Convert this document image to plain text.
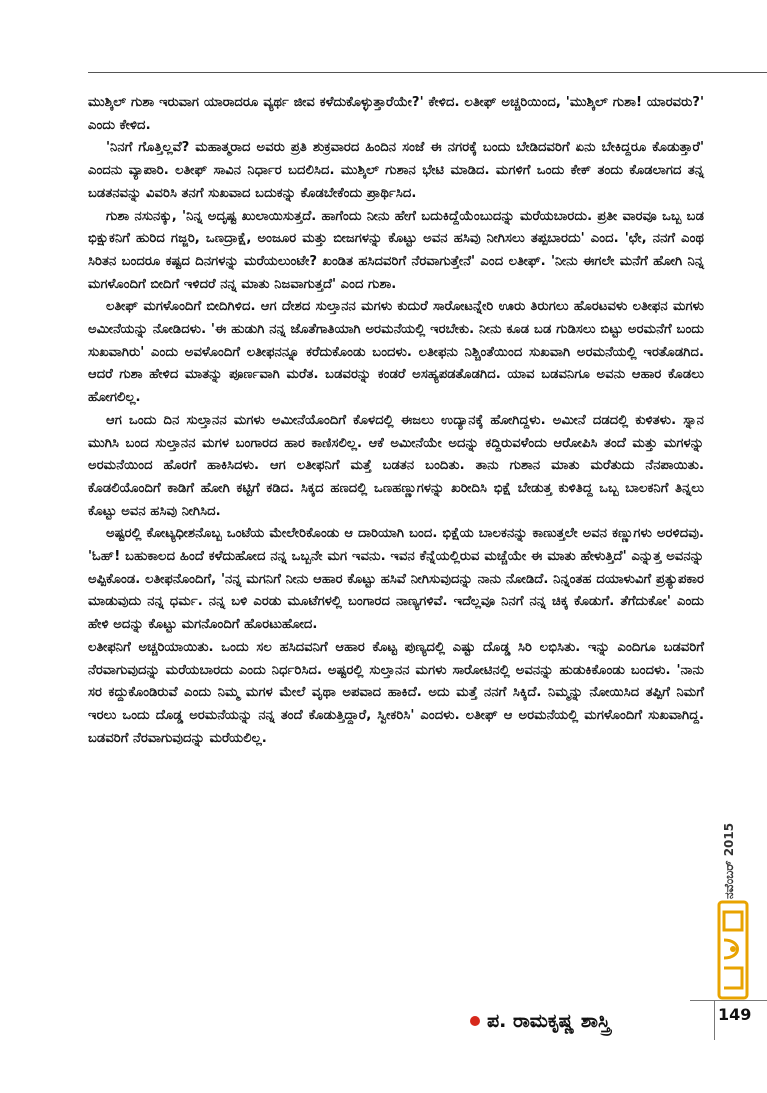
ಮುಶ್ಕಿಲ್ ಗುಶಾ ಇರುವಾಗ ಯಾರಾದರೂ ವ್ಯರ್ಥ ಜೀವ ಕಳೆದುಕೊಳ್ಳುತ್ತಾರೆಯೇ?' ಕೇಳಿದ. ಲತೀಫ್ ಅಚ್ಚರಿಯಿಂದ, 'ಮುಶ್ಕಿಲ್ ಗುಶಾ! ಯಾರವರು?' ಎಂದು ಕೇಳಿದ.

'ನಿನಗೆ ಗೊತ್ತಿಲ್ಲವೆ? ಮಹಾತ್ಮರಾದ ಅವರು ಪ್ರತಿ ಶುಕ್ರವಾರದ ಹಿಂದಿನ ಸಂಜೆ ಈ ನಗರಕ್ಕೆ ಬಂದು ಬೇಡಿದವರಿಗೆ ಏನು ಬೇಕಿದ್ದರೂ ಕೊಡುತ್ತಾರೆ' ಎಂದನು ವ್ಯಾಪಾರಿ. ಲತೀಫ್ ಸಾವಿನ ನಿರ್ಧಾರ ಬದಲಿಸಿದ. ಮುಶ್ಕಿಲ್ ಗುಶಾನ ಭೇಟಿ ಮಾಡಿದ. ಮಗಳಿಗೆ ಒಂದು ಕೇಕ್ ತಂದು ಕೊಡಲಾಗದ ತನ್ನ ಬಡತನವನ್ನು ವಿವರಿಸಿ ತನಗೆ ಸುಖವಾದ ಬದುಕನ್ನು ಕೊಡಬೇಕೆಂದು ಪ್ರಾರ್ಥಿಸಿದ.

ಗುಶಾ ನಸುನಕ್ಕು, 'ನಿನ್ನ ಅದೃಷ್ಟ ಖುಲಾಯಿಸುತ್ತದೆ. ಹಾಗೆಂದು ನೀನು ಹೇಗೆ ಬದುಕಿದ್ದೆಯೆಂಬುದನ್ನು ಮರೆಯಬಾರದು. ಪ್ರತೀ ವಾರವೂ ಒಬ್ಬ ಬಡ ಭಿಕ್ಷುಕನಿಗೆ ಹುರಿದ ಗಜ್ಜರಿ, ಒಣದ್ರಾಕ್ಷೆ, ಅಂಜೂರ ಮತ್ತು ಬೀಜಗಳನ್ನು ಕೊಟ್ಟು ಅವನ ಹಸಿವು ನೀಗಿಸಲು ತಪ್ಪಬಾರದು' ಎಂದ. 'ಛೇ, ನನಗೆ ಎಂಥ ಸಿರಿತನ ಬಂದರೂ ಕಷ್ಟದ ದಿನಗಳನ್ನು ಮರೆಯಲುಂಟೇ? ಖಂಡಿತ ಹಸಿದವರಿಗೆ ನೆರವಾಗುತ್ತೇನೆ' ಎಂದ ಲತೀಫ್. 'ನೀನು ಈಗಲೇ ಮನೆಗೆ ಹೋಗಿ ನಿನ್ನ ಮಗಳೊಂದಿಗೆ ಬೀದಿಗೆ ಇಳಿದರೆ ನನ್ನ ಮಾತು ನಿಜವಾಗುತ್ತದೆ' ಎಂದ ಗುಶಾ.

ಲತೀಫ್ ಮಗಳೊಂದಿಗೆ ಬೀದಿಗಿಳಿದ. ಆಗ ದೇಶದ ಸುಲ್ತಾನನ ಮಗಳು ಕುದುರೆ ಸಾರೋಟನ್ನೇರಿ ಊರು ತಿರುಗಲು ಹೊರಟವಳು ಲತೀಫನ ಮಗಳು ಅಮೀನೆಯನ್ನು ನೋಡಿದಳು. 'ಈ ಹುಡುಗಿ ನನ್ನ ಜೊತೆಗಾತಿಯಾಗಿ ಅರಮನೆಯಲ್ಲಿ ಇರಬೇಕು. ನೀನು ಕೂಡ ಬಡ ಗುಡಿಸಲು ಬಿಟ್ಟು ಅರಮನೆಗೆ ಬಂದು ಸುಖವಾಗಿರು' ಎಂದು ಅವಳೊಂದಿಗೆ ಲತೀಫನನ್ನೂ ಕರೆದುಕೊಂಡು ಬಂದಳು. ಲತೀಫನು ನಿಶ್ಚಿಂತೆಯಿಂದ ಸುಖವಾಗಿ ಅರಮನೆಯಲ್ಲಿ ಇರತೊಡಗಿದ. ಆದರೆ ಗುಶಾ ಹೇಳಿದ ಮಾತನ್ನು ಪೂರ್ಣವಾಗಿ ಮರೆತ. ಬಡವರನ್ನು ಕಂಡರೆ ಅಸಹ್ಯಪಡತೊಡಗಿದ. ಯಾವ ಬಡವನಿಗೂ ಅವನು ಆಹಾರ ಕೊಡಲು ಹೋಗಲಿಲ್ಲ.

ಆಗ ಒಂದು ದಿನ ಸುಲ್ತಾನನ ಮಗಳು ಅಮೀನೆಯೊಂದಿಗೆ ಕೊಳದಲ್ಲಿ ಈಜಲು ಉದ್ಯಾನಕ್ಕೆ ಹೋಗಿದ್ದಳು. ಅಮೀನೆ ದಡದಲ್ಲಿ ಕುಳಿತಳು. ಸ್ನಾನ ಮುಗಿಸಿ ಬಂದ ಸುಲ್ತಾನನ ಮಗಳ ಬಂಗಾರದ ಹಾರ ಕಾಣಿಸಲಿಲ್ಲ. ಆಕೆ ಅಮೀನೆಯೇ ಅದನ್ನು ಕದ್ದಿರುವಳೆಂದು ಆರೋಪಿಸಿ ತಂದೆ ಮತ್ತು ಮಗಳನ್ನು ಅರಮನೆಯಿಂದ ಹೊರಗೆ ಹಾಕಿಸಿದಳು. ಆಗ ಲತೀಫನಿಗೆ ಮತ್ತೆ ಬಡತನ ಬಂದಿತು. ತಾನು ಗುಶಾನ ಮಾತು ಮರೆತುದು ನೆನಪಾಯಿತು. ಕೊಡಲಿಯೊಂದಿಗೆ ಕಾಡಿಗೆ ಹೋಗಿ ಕಟ್ಟಿಗೆ ಕಡಿದ. ಸಿಕ್ಕದ ಹಣದಲ್ಲಿ ಒಣಹಣ್ಣುಗಳನ್ನು ಖರೀದಿಸಿ ಭಿಕ್ಷೆ ಬೇಡುತ್ತ ಕುಳಿತಿದ್ದ ಒಬ್ಬ ಬಾಲಕನಿಗೆ ತಿನ್ನಲು ಕೊಟ್ಟು ಅವನ ಹಸಿವು ನೀಗಿಸಿದ.

ಅಷ್ಟರಲ್ಲಿ ಕೋಟ್ಯಧೀಶನೊಬ್ಬ ಒಂಟೆಯ ಮೇಲೇರಿಕೊಂಡು ಆ ದಾರಿಯಾಗಿ ಬಂದ. ಭಿಕ್ಷೆಯ ಬಾಲಕನನ್ನು ಕಾಣುತ್ತಲೇ ಅವನ ಕಣ್ಣುಗಳು ಅರಳಿದವು. 'ಓಹ್! ಬಹುಕಾಲದ ಹಿಂದೆ ಕಳೆದುಹೋದ ನನ್ನ ಒಬ್ಬನೇ ಮಗ ಇವನು. ಇವನ ಕೆನ್ನೆಯಲ್ಲಿರುವ ಮಚ್ಚೆಯೇ ಈ ಮಾತು ಹೇಳುತ್ತಿದೆ' ಎನ್ನುತ್ತ ಅವನನ್ನು ಅಪ್ಪಿಕೊಂಡ. ಲತೀಫನೊಂದಿಗೆ, 'ನನ್ನ ಮಗನಿಗೆ ನೀನು ಆಹಾರ ಕೊಟ್ಟು ಹಸಿವೆ ನೀಗಿಸುವುದನ್ನು ನಾನು ನೋಡಿದೆ. ನಿನ್ನಂತಹ ದಯಾಳುವಿಗೆ ಪ್ರತ್ಯುಪಕಾರ ಮಾಡುವುದು ನನ್ನ ಧರ್ಮ. ನನ್ನ ಬಳಿ ಎರಡು ಮೂಟೆಗಳಲ್ಲಿ ಬಂಗಾರದ ನಾಣ್ಯಗಳಿವೆ. ಇದೆಲ್ಲವೂ ನಿನಗೆ ನನ್ನ ಚಿಕ್ಕ ಕೊಡುಗೆ. ತೆಗೆದುಕೋ' ಎಂದು ಹೇಳಿ ಅದನ್ನು ಕೊಟ್ಟು ಮಗನೊಂದಿಗೆ ಹೊರಟುಹೋದ.

ಲತೀಫನಿಗೆ ಅಚ್ಚರಿಯಾಯಿತು. ಒಂದು ಸಲ ಹಸಿದವನಿಗೆ ಆಹಾರ ಕೊಟ್ಟ ಪುಣ್ಯದಲ್ಲಿ ಎಷ್ಟು ದೊಡ್ಡ ಸಿರಿ ಲಭಿಸಿತು. ಇನ್ನು ಎಂದಿಗೂ ಬಡವರಿಗೆ ನೆರವಾಗುವುದನ್ನು ಮರೆಯಬಾರದು ಎಂದು ನಿರ್ಧರಿಸಿದ. ಅಷ್ಟರಲ್ಲಿ ಸುಲ್ತಾನನ ಮಗಳು ಸಾರೋಟಿನಲ್ಲಿ ಅವನನ್ನು ಹುಡುಕಿಕೊಂಡು ಬಂದಳು. 'ನಾನು ಸರ ಕದ್ದುಕೊಂಡಿರುವೆ ಎಂದು ನಿಮ್ಮ ಮಗಳ ಮೇಲೆ ವೃಥಾ ಅಪವಾದ ಹಾಕಿದೆ. ಅದು ಮತ್ತೆ ನನಗೆ ಸಿಕ್ಕಿದೆ. ನಿಮ್ಮನ್ನು ನೋಯಿಸಿದ ತಪ್ಪಿಗೆ ನಿಮಗೆ ಇರಲು ಒಂದು ದೊಡ್ಡ ಅರಮನೆಯನ್ನು ನನ್ನ ತಂದೆ ಕೊಡುತ್ತಿದ್ದಾರೆ, ಸ್ವೀಕರಿಸಿ' ಎಂದಳು. ಲತೀಫ್ ಆ ಅರಮನೆಯಲ್ಲಿ ಮಗಳೊಂದಿಗೆ ಸುಖವಾಗಿದ್ದ. ಬಡವರಿಗೆ ನೆರವಾಗುವುದನ್ನು ಮರೆಯಲಿಲ್ಲ.

ನವೆಂಬರ್ 2015
ಪ. ರಾಮಕೃಷ್ಣ ಶಾಸ್ತ್ರಿ	149
